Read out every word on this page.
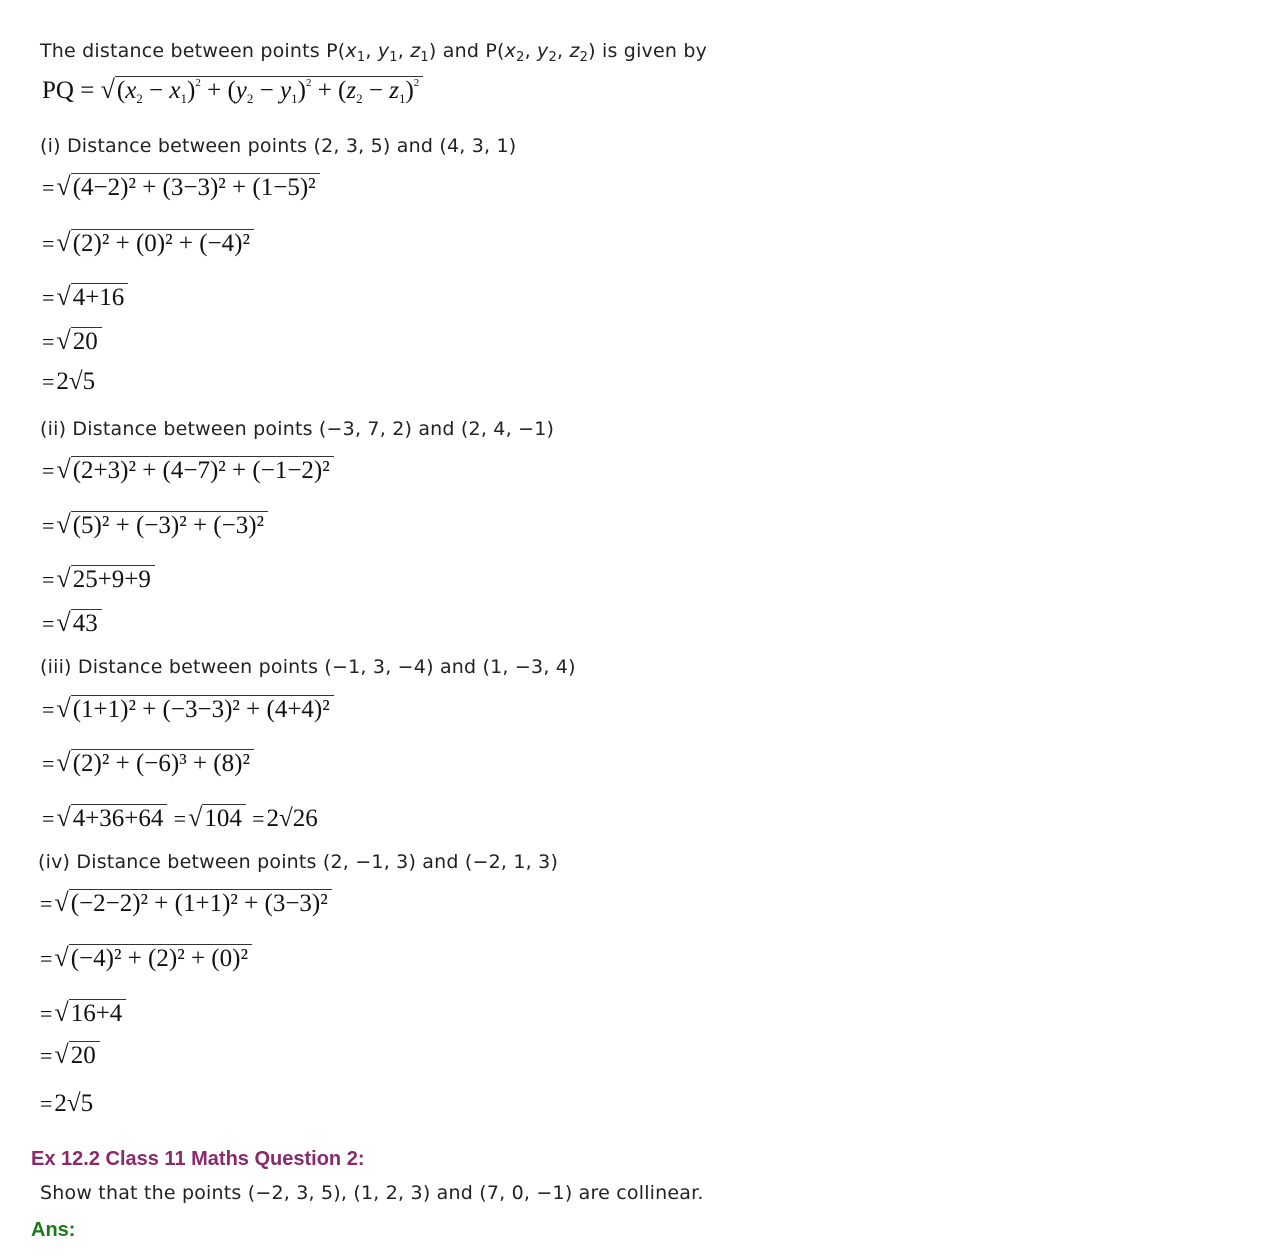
The distance between points $P(x_1$, $y_1$, $z_1$) and $P(x_2$, $y_2$, $z_2$) is given by
PQ = $√(x_2 - x_1)^2 + (y_2 - y_1)^2 + (z_2 - z_1)^2$
(i) Distance between points (2, 3, 5) and (4, 3, 1)
=√(4−2)² + (3−3)² + (1−5)²
=√(2)² + (0)² + (−4)²
=√4+16
=√20
=2√5
(ii) Distance between points (−3, 7, 2) and (2, 4, −1)
=√(2+3)² + (4−7)² + (−1−2)²
=√(5)² + (−3)² + (−3)²
=√25+9+9
=√43
(iii) Distance between points (−1, 3, −4) and (1, −3, 4)
=√(1+1)² + (−3−3)² + (4+4)²
=√(2)² + (−6)³ + (8)²
=√4+36+64 =√104 =2√26
(iv) Distance between points (2, −1, 3) and (−2, 1, 3)
=√(−2−2)² + (1+1)² + (3−3)²
=√(−4)² + (2)² + (0)²
=√16+4
=√20
=2√5
Ex 12.2 Class 11 Maths Question 2:
Show that the points (−2, 3, 5), (1, 2, 3) and (7, 0, −1) are collinear.
Ans:
